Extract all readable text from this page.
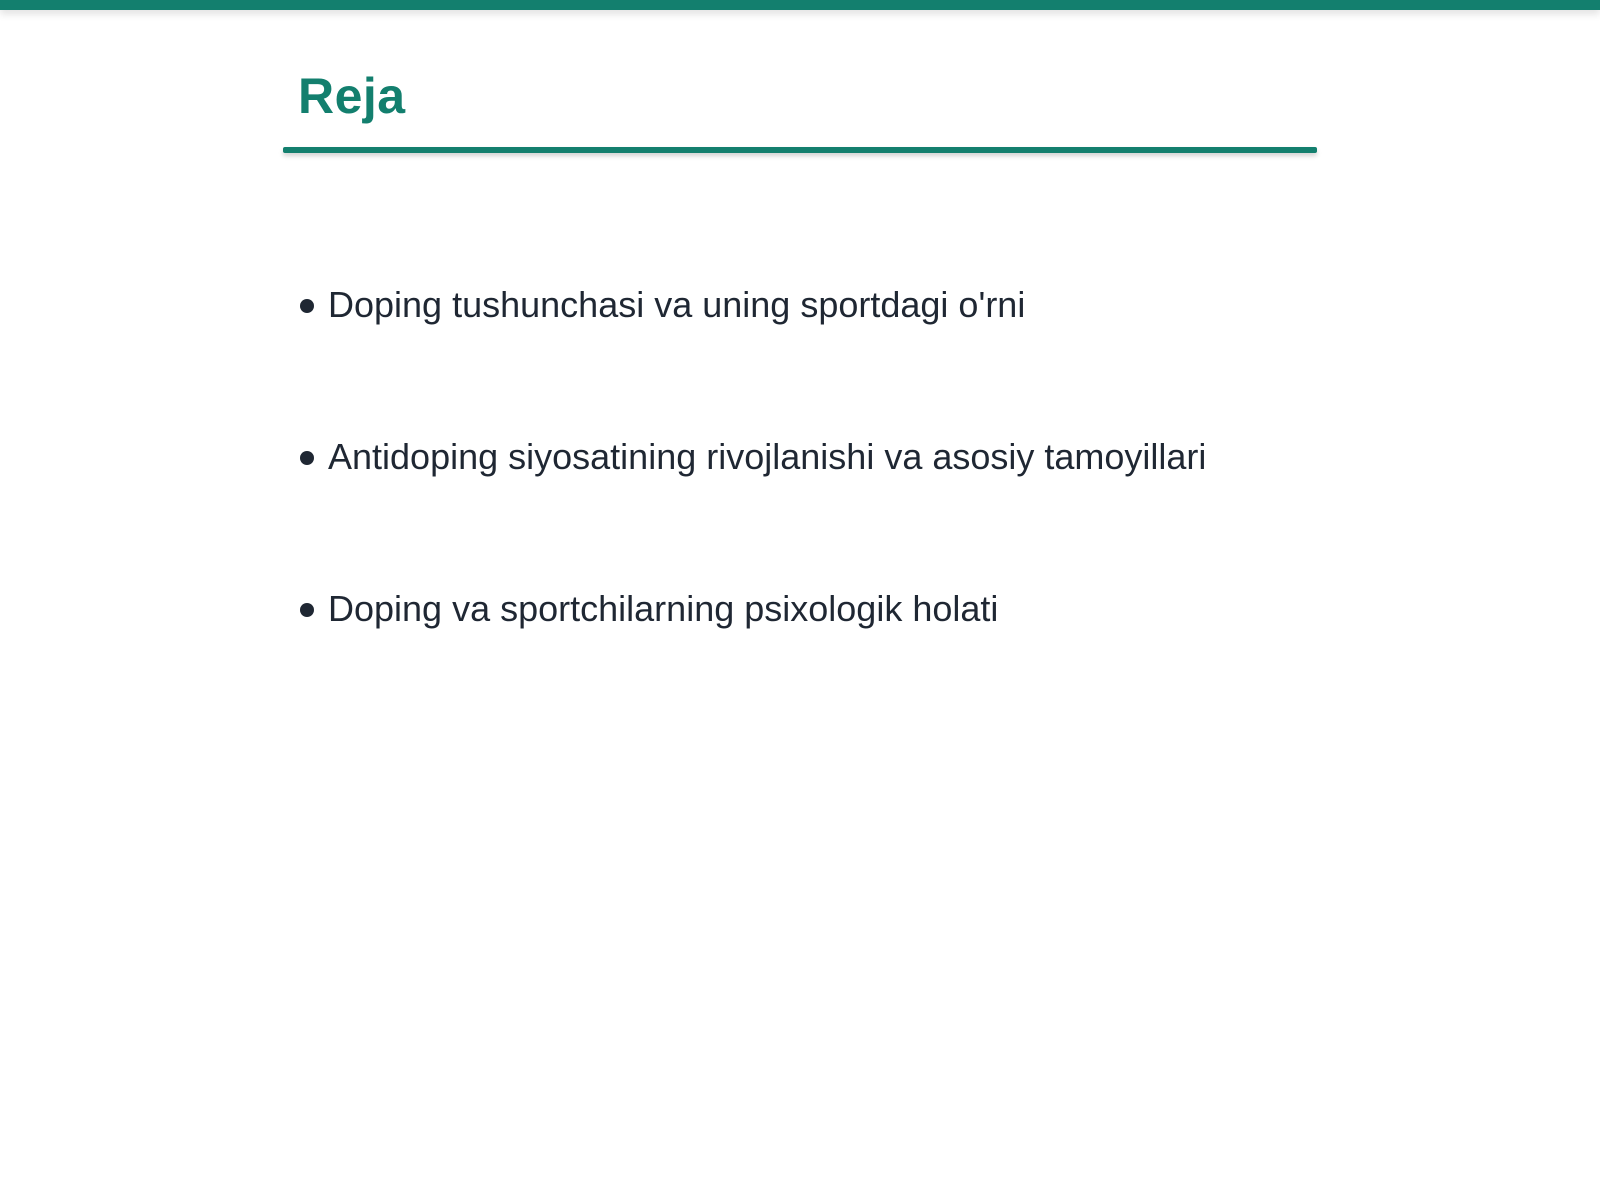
Reja
Doping tushunchasi va uning sportdagi o'rni
Antidoping siyosatining rivojlanishi va asosiy tamoyillari
Doping va sportchilarning psixologik holati
